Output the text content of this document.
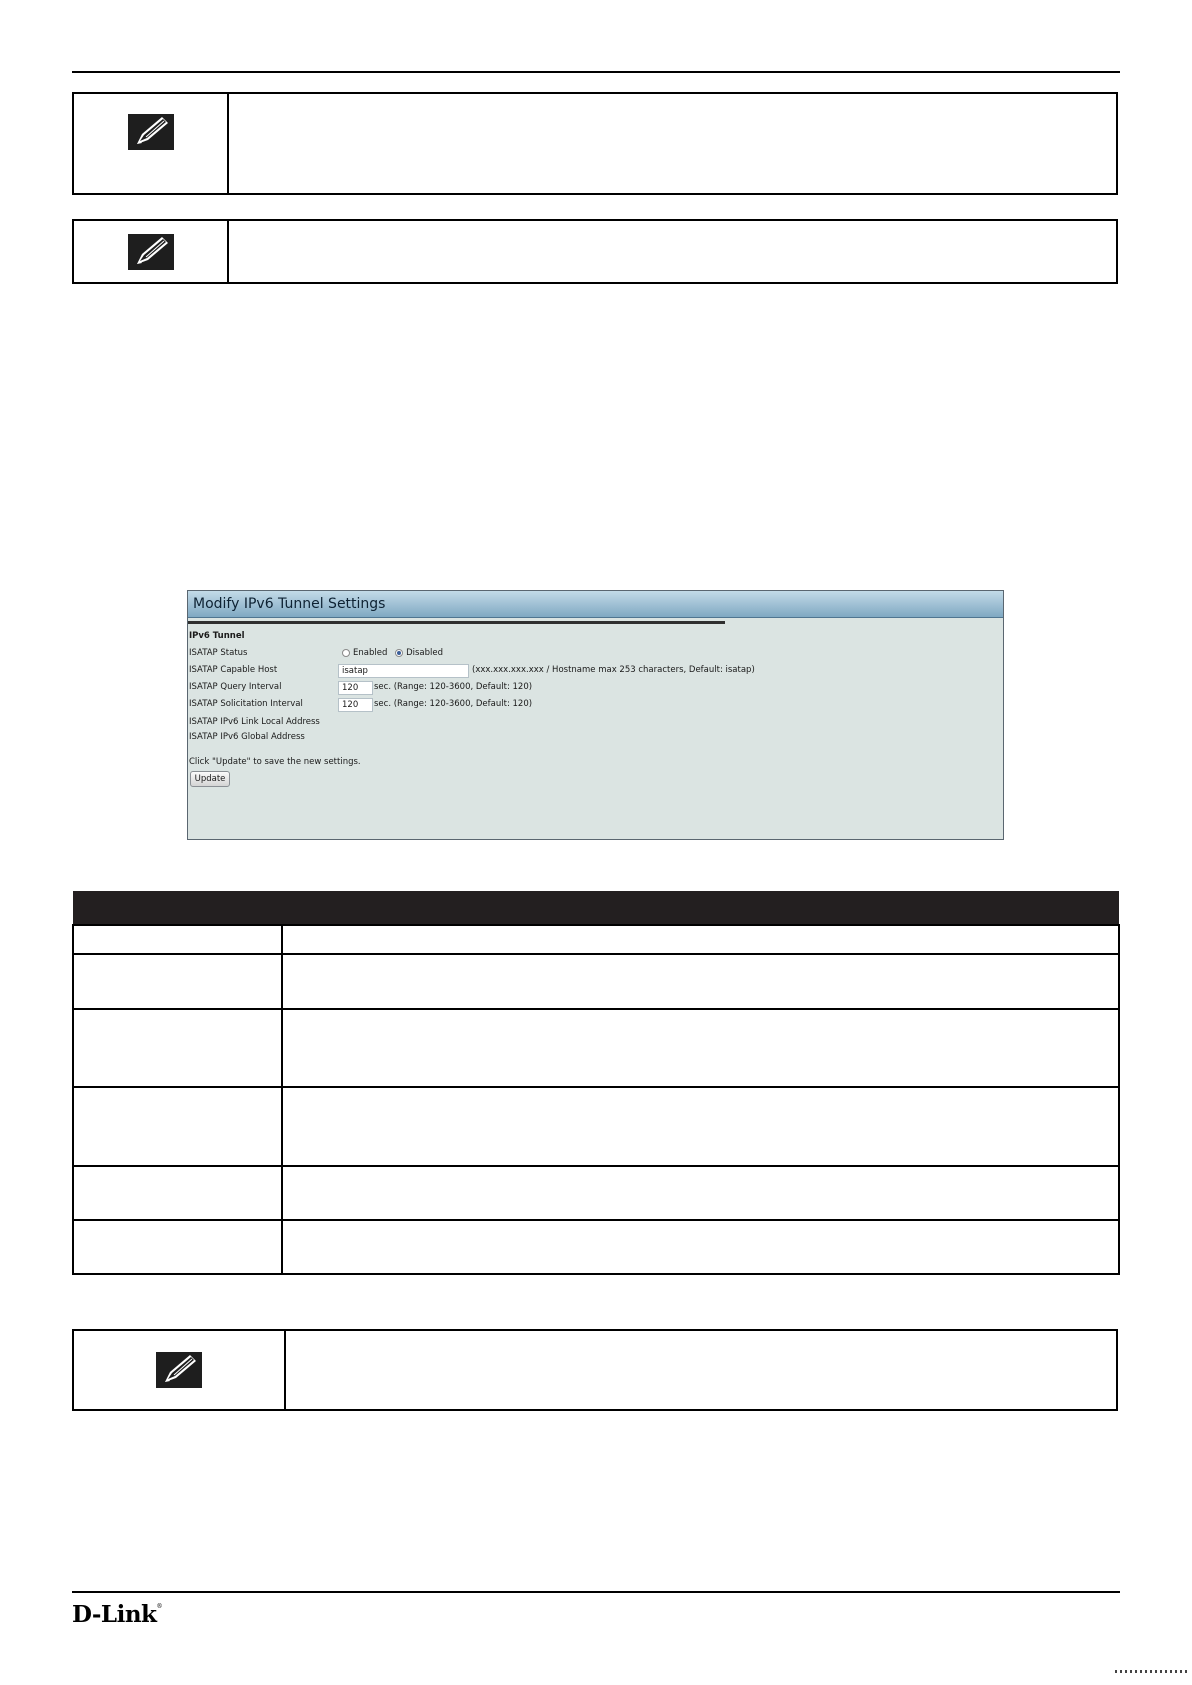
Modify IPv6 Tunnel Settings
IPv6 Tunnel
ISATAP Status	Enabled Disabled
ISATAP Capable Host	isatap	(xxx.xxx.xxx.xxx / Hostname max 253 characters, Default: isatap)
ISATAP Query Interval	120	sec. (Range: 120-3600, Default: 120)
ISATAP Solicitation Interval	120	sec. (Range: 120-3600, Default: 120)
ISATAP IPv6 Link Local Address
ISATAP IPv6 Global Address
Click "Update" to save the new settings.
Update

D-Link®
